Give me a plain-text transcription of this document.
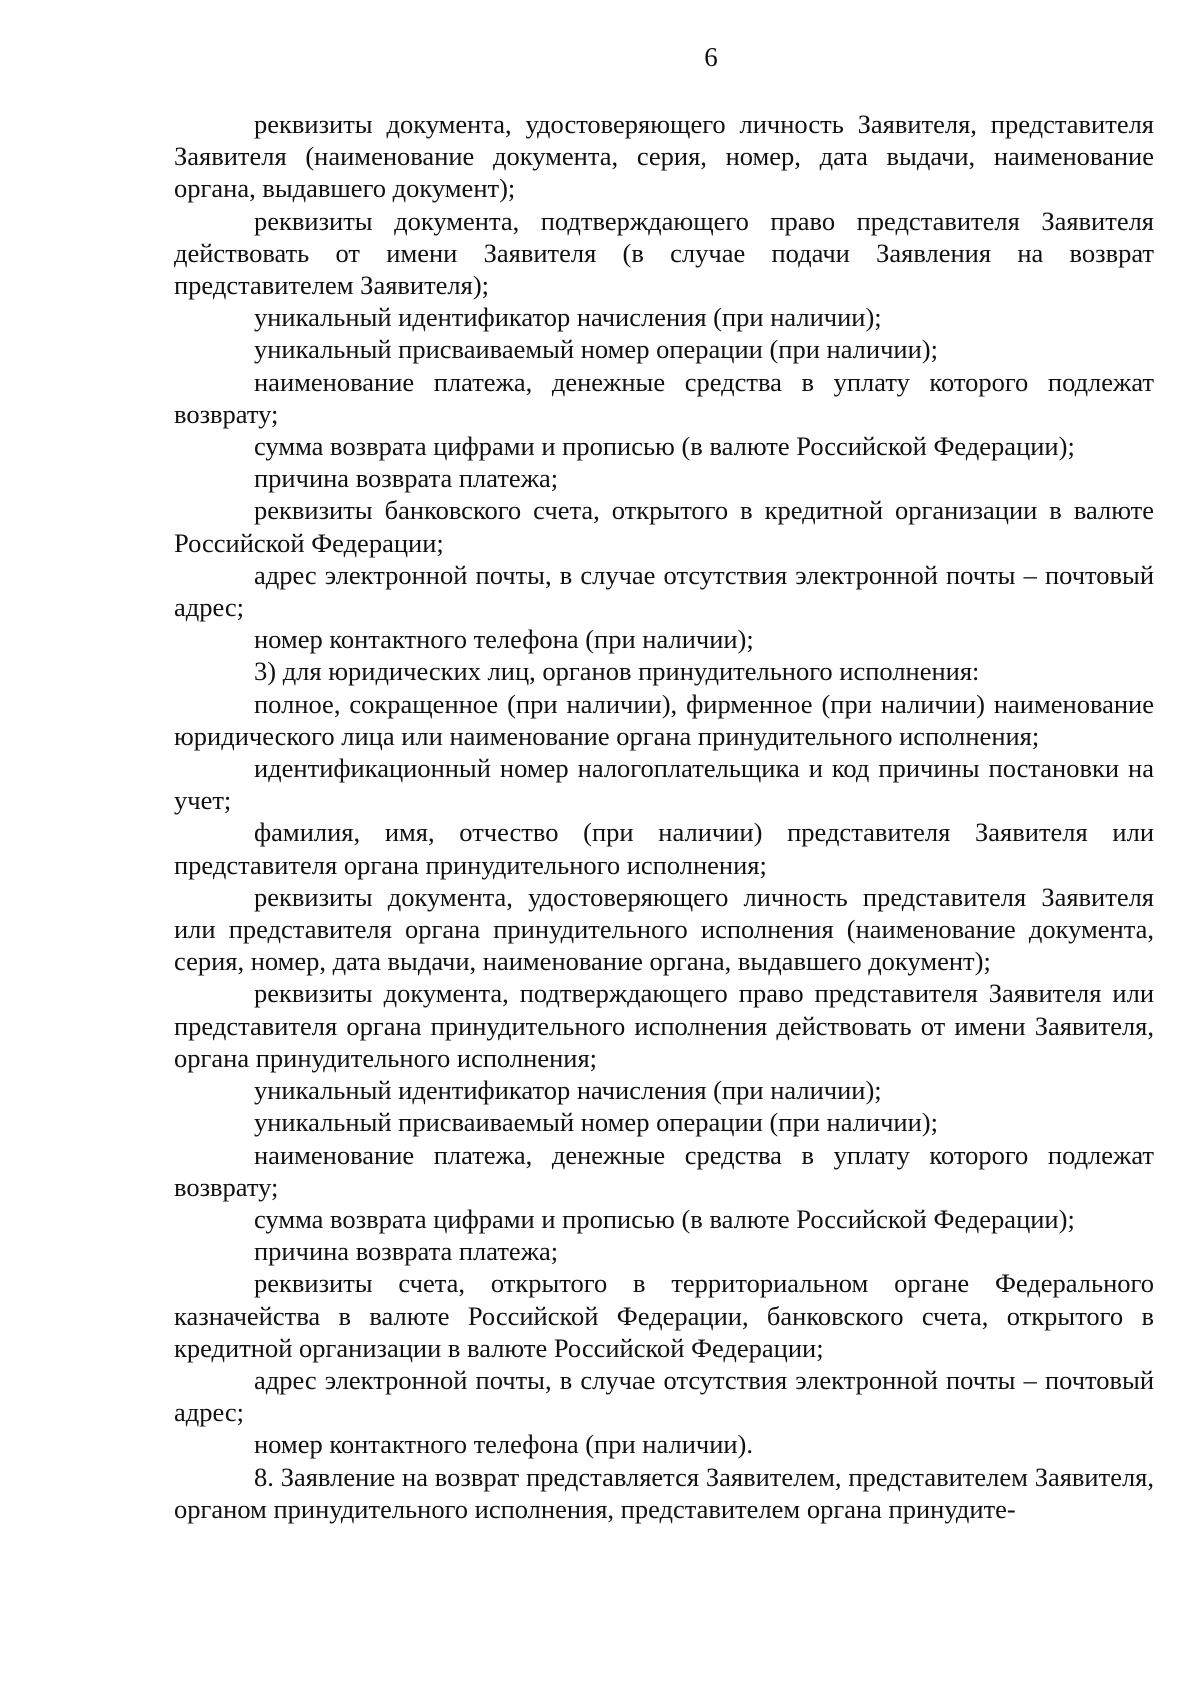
6

реквизиты документа, удостоверяющего личность Заявителя, представителя Заявителя (наименование документа, серия, номер, дата выдачи, наименование органа, выдавшего документ);

реквизиты документа, подтверждающего право представителя Заявителя действовать от имени Заявителя (в случае подачи Заявления на возврат представителем Заявителя);

уникальный идентификатор начисления (при наличии);

уникальный присваиваемый номер операции (при наличии);

наименование платежа, денежные средства в уплату которого подлежат возврату;

сумма возврата цифрами и прописью (в валюте Российской Федерации);

причина возврата платежа;

реквизиты банковского счета, открытого в кредитной организации в валюте Российской Федерации;

адрес электронной почты, в случае отсутствия электронной почты – почтовый адрес;

номер контактного телефона (при наличии);

3) для юридических лиц, органов принудительного исполнения:

полное, сокращенное (при наличии), фирменное (при наличии) наименование юридического лица или наименование органа принудительного исполнения;

идентификационный номер налогоплательщика и код причины постановки на учет;

фамилия, имя, отчество (при наличии) представителя Заявителя или представителя органа принудительного исполнения;

реквизиты документа, удостоверяющего личность представителя Заявителя или представителя органа принудительного исполнения (наименование документа, серия, номер, дата выдачи, наименование органа, выдавшего документ);

реквизиты документа, подтверждающего право представителя Заявителя или представителя органа принудительного исполнения действовать от имени Заявителя, органа принудительного исполнения;

уникальный идентификатор начисления (при наличии);

уникальный присваиваемый номер операции (при наличии);

наименование платежа, денежные средства в уплату которого подлежат возврату;

сумма возврата цифрами и прописью (в валюте Российской Федерации);

причина возврата платежа;

реквизиты счета, открытого в территориальном органе Федерального казначейства в валюте Российской Федерации, банковского счета, открытого в кредитной организации в валюте Российской Федерации;

адрес электронной почты, в случае отсутствия электронной почты – почтовый адрес;

номер контактного телефона (при наличии).

8. Заявление на возврат представляется Заявителем, представителем Заявителя, органом принудительного исполнения, представителем органа принудите-
